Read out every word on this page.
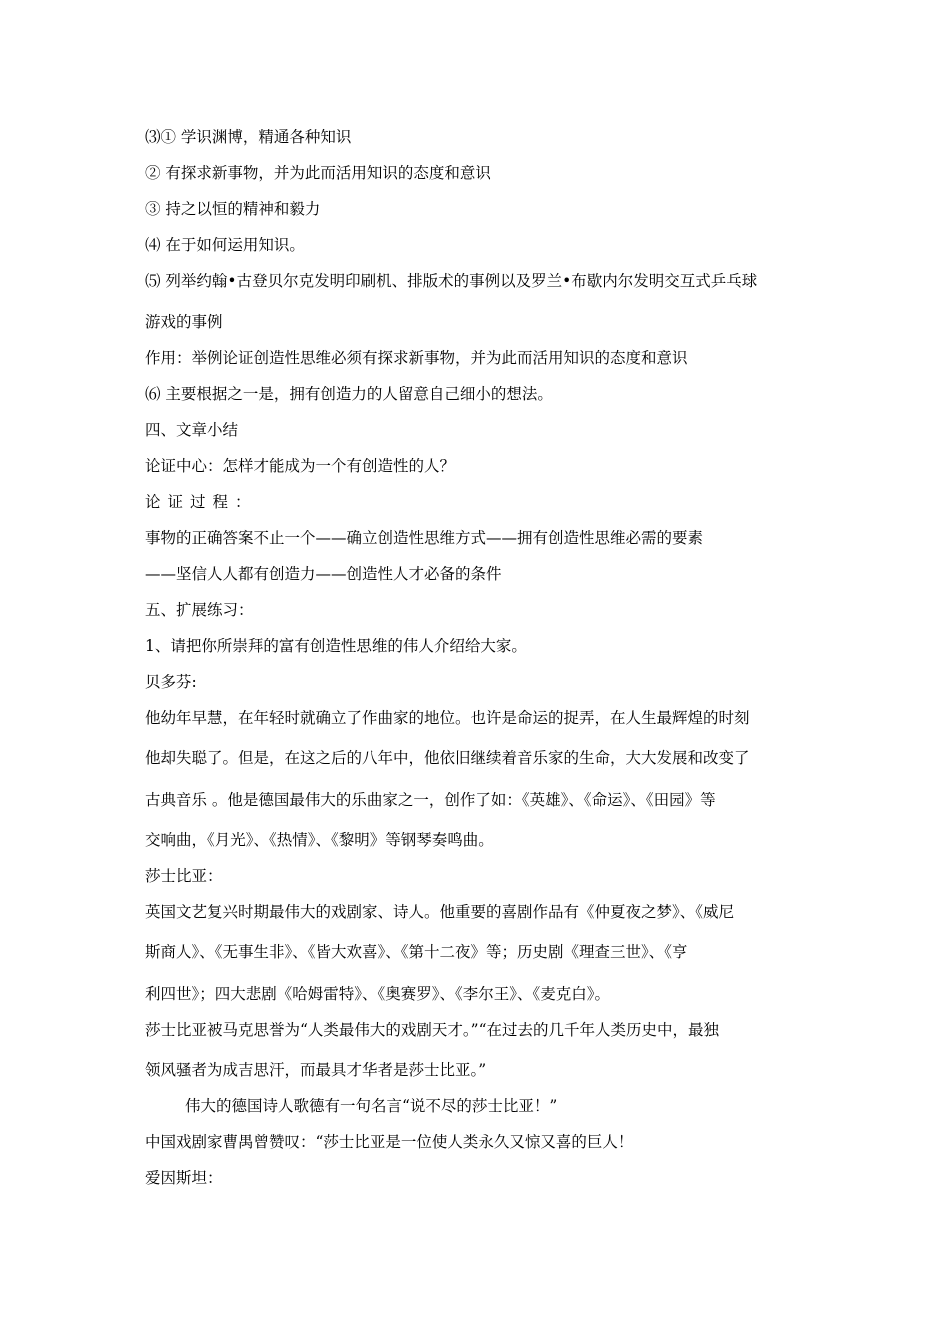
⑶① 学识渊博，精通各种知识
② 有探求新事物，并为此而活用知识的态度和意识
③ 持之以恒的精神和毅力
⑷ 在于如何运用知识。
⑸ 列举约翰•古登贝尔克发明印刷机、排版术的事例以及罗兰•布歇内尔发明交互式乒乓球
游戏的事例
作用：举例论证创造性思维必须有探求新事物，并为此而活用知识的态度和意识
⑹ 主要根据之一是，拥有创造力的人留意自己细小的想法。
四、文章小结
论证中心：怎样才能成为一个有创造性的人？
论证过程：
事物的正确答案不止一个——确立创造性思维方式——拥有创造性思维必需的要素
——坚信人人都有创造力——创造性人才必备的条件
五、扩展练习：
1、请把你所崇拜的富有创造性思维的伟人介绍给大家。
贝多芬:
他幼年早慧，在年轻时就确立了作曲家的地位。也许是命运的捉弄，在人生最辉煌的时刻
他却失聪了。但是，在这之后的八年中，他依旧继续着音乐家的生命，大大发展和改变了
古典音乐 。他是德国最伟大的乐曲家之一，创作了如：《英雄》、《命运》、《田园》等
交响曲，《月光》、《热情》、《黎明》等钢琴奏鸣曲。
莎士比亚：
英国文艺复兴时期最伟大的戏剧家、诗人。他重要的喜剧作品有《仲夏夜之梦》、《威尼
斯商人》、《无事生非》、《皆大欢喜》、《第十二夜》等；历史剧《理查三世》、《亨
利四世》；四大悲剧《哈姆雷特》、《奥赛罗》、《李尔王》、《麦克白》。
莎士比亚被马克思誉为“人类最伟大的戏剧天才。”“在过去的几千年人类历史中，最独
领风骚者为成吉思汗，而最具才华者是莎士比亚。”
伟大的德国诗人歌德有一句名言“说不尽的莎士比亚！”
中国戏剧家曹禺曾赞叹：“莎士比亚是一位使人类永久又惊又喜的巨人！
爱因斯坦：
